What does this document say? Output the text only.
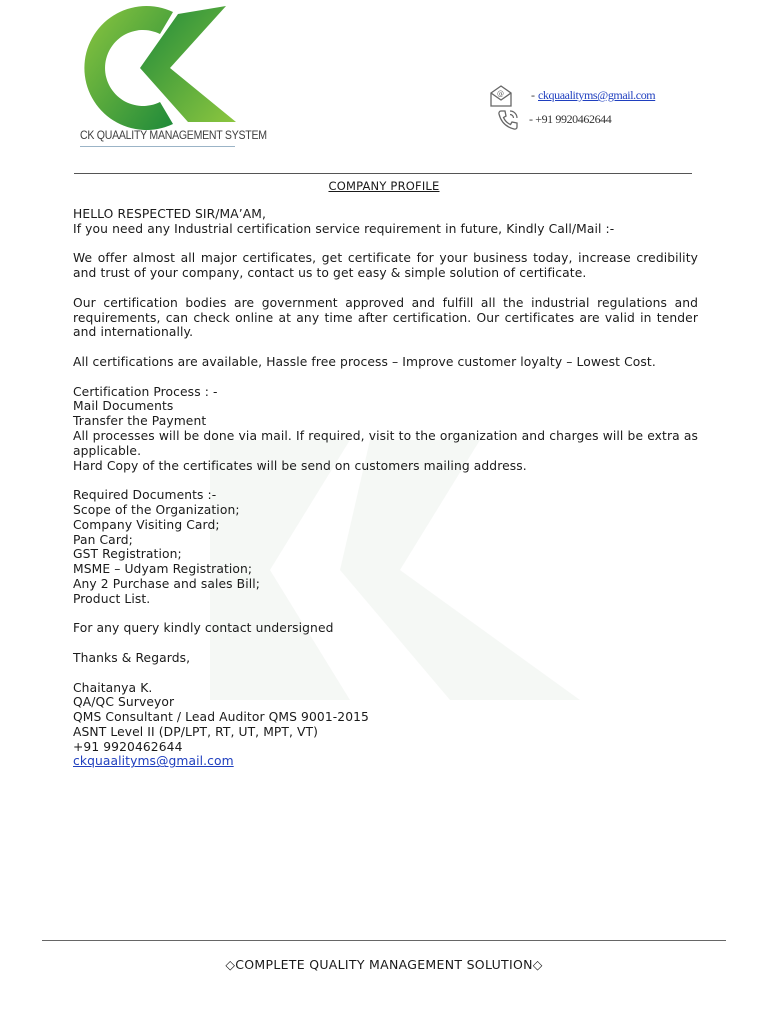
CK QUAALITY MANAGEMENT SYSTEM
@ - ckquaalityms@gmail.com
- +91 9920462644
COMPANY PROFILE

HELLO RESPECTED SIR/MA’AM,
If you need any Industrial certification service requirement in future, Kindly Call/Mail :-

We offer almost all major certificates, get certificate for your business today, increase credibility and trust of your company, contact us to get easy & simple solution of certificate.

Our certification bodies are government approved and fulfill all the industrial regulations and requirements, can check online at any time after certification. Our certificates are valid in tender and internationally.

All certifications are available, Hassle free process – Improve customer loyalty – Lowest Cost.

Certification Process : -
Mail Documents
Transfer the Payment
All processes will be done via mail. If required, visit to the organization and charges will be extra as applicable.
Hard Copy of the certificates will be send on customers mailing address.

Required Documents :-
Scope of the Organization;
Company Visiting Card;
Pan Card;
GST Registration;
MSME – Udyam Registration;
Any 2 Purchase and sales Bill;
Product List.

For any query kindly contact undersigned

Thanks & Regards,

Chaitanya K.
QA/QC Surveyor
QMS Consultant / Lead Auditor QMS 9001-2015
ASNT Level II (DP/LPT, RT, UT, MPT, VT)
+91 9920462644
ckquaalityms@gmail.com

◇COMPLETE QUALITY MANAGEMENT SOLUTION◇
